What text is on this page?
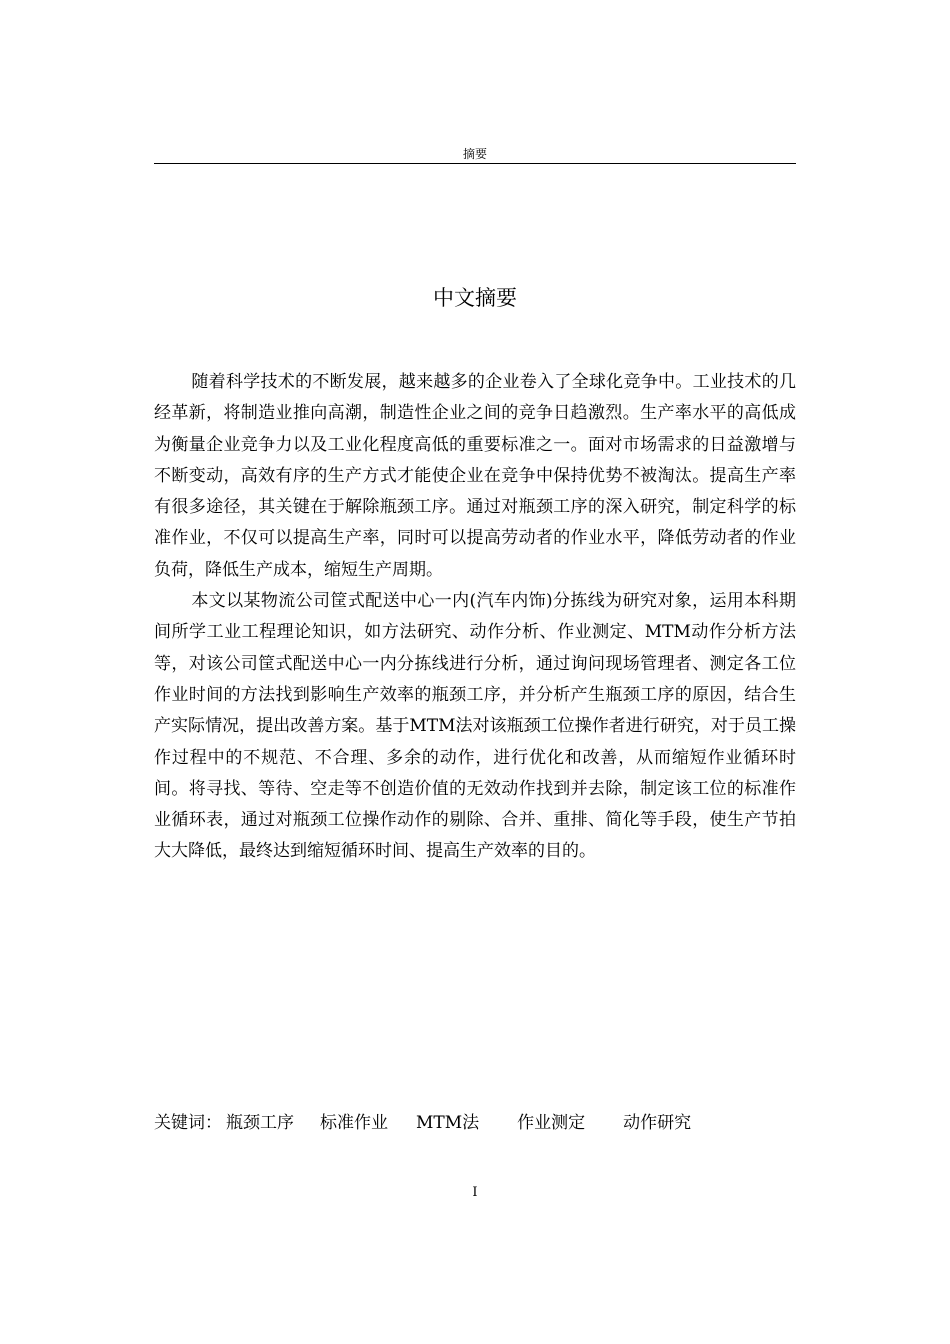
摘要
中文摘要

随着科学技术的不断发展，越来越多的企业卷入了全球化竞争中。工业技术的几经革新，将制造业推向高潮，制造性企业之间的竞争日趋激烈。生产率水平的高低成为衡量企业竞争力以及工业化程度高低的重要标准之一。面对市场需求的日益激增与不断变动，高效有序的生产方式才能使企业在竞争中保持优势不被淘汰。提高生产率有很多途径，其关键在于解除瓶颈工序。通过对瓶颈工序的深入研究，制定科学的标准作业，不仅可以提高生产率，同时可以提高劳动者的作业水平，降低劳动者的作业负荷，降低生产成本，缩短生产周期。

本文以某物流公司筐式配送中心一内(汽车内饰)分拣线为研究对象，运用本科期间所学工业工程理论知识，如方法研究、动作分析、作业测定、MTM动作分析方法等，对该公司筐式配送中心一内分拣线进行分析，通过询问现场管理者、测定各工位作业时间的方法找到影响生产效率的瓶颈工序，并分析产生瓶颈工序的原因，结合生产实际情况，提出改善方案。基于MTM法对该瓶颈工位操作者进行研究，对于员工操作过程中的不规范、不合理、多余的动作，进行优化和改善，从而缩短作业循环时间。将寻找、等待、空走等不创造价值的无效动作找到并去除，制定该工位的标准作业循环表，通过对瓶颈工位操作动作的剔除、合并、重排、简化等手段，使生产节拍大大降低，最终达到缩短循环时间、提高生产效率的目的。

关键词： 瓶颈工序 标准作业 MTM法 作业测定 动作研究
I
